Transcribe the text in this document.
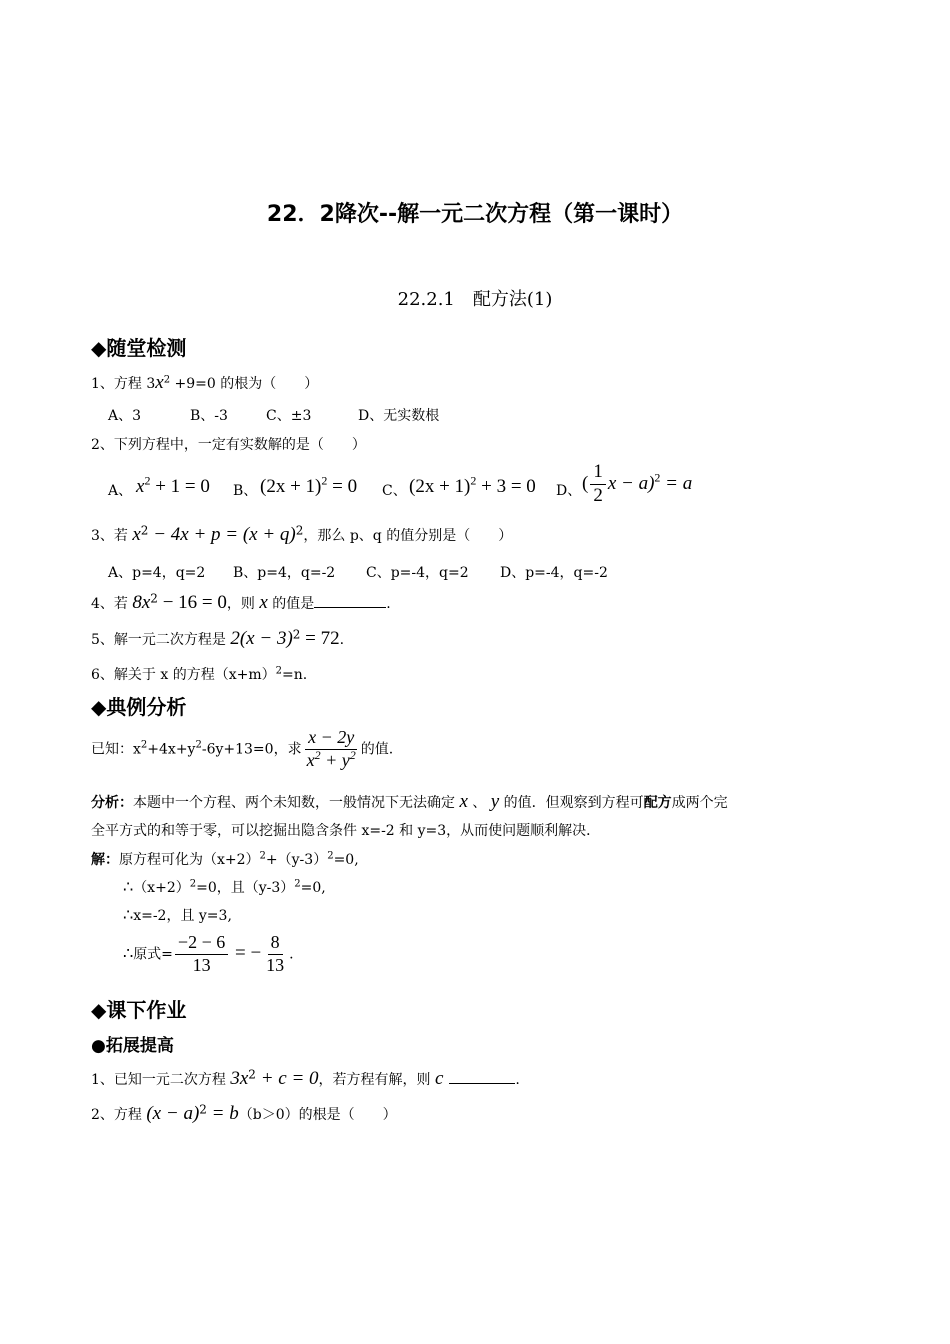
22．2降次--解一元二次方程（第一课时）
22.2.1　配方法(1)
◆随堂检测
1、方程 $3x^2 +9=0$ 的根为（　　）
A、3	B、-3	C、±3	D、无实数根
2、下列方程中，一定有实数解的是（　　）
A、 $x^2 + 1 = 0$ B、 $(2x + 1)^2 = 0$ C、 $(2x + 1)^2 + 3 = 0$ D、 ( $\frac{1}{2}$ x − a)$^2$ = a
3、若 $x^2 - 4x + p = (x + q)^2$，那么 p、q 的值分别是（　　）
A、p=4，q=2 B、p=4，q=-2 C、p=-4，q=2 D、p=-4，q=-2
4、若 $8x^2 - 16 = 0$，则 x 的值是	.
5、解一元二次方程是 $2(x - 3)^2 = 72$.
6、解关于 x 的方程$(x+m)^2=n$.
◆典例分析
已知：$x^2+4x+y^2-6y+13=0$，求 $\frac{x - 2y}{x^2 + y^2}$ 的值.
分析：本题中一个方程、两个未知数，一般情况下无法确定 x 、 y 的值．但观察到方程可配方成两个完
全平方式的和等于零，可以挖掘出隐含条件 x=-2 和 y=3，从而使问题顺利解决．
解：原方程可化为$(x+2)^2+(y-3)^2=0$,
$\therefore(x+2)^2=0$，且$(y-3)^2=0$,
∴x=-2，且 y=3,
∴原式= $\frac{-2 - 6}{13}$ = − $\frac{8}{13}$ .
◆课下作业
●拓展提高
1、已知一元二次方程 $3x^2 + c = 0$，若方程有解，则 c	.
2、方程 $(x - a)^2 = b(b>0)$的根是（　　）
